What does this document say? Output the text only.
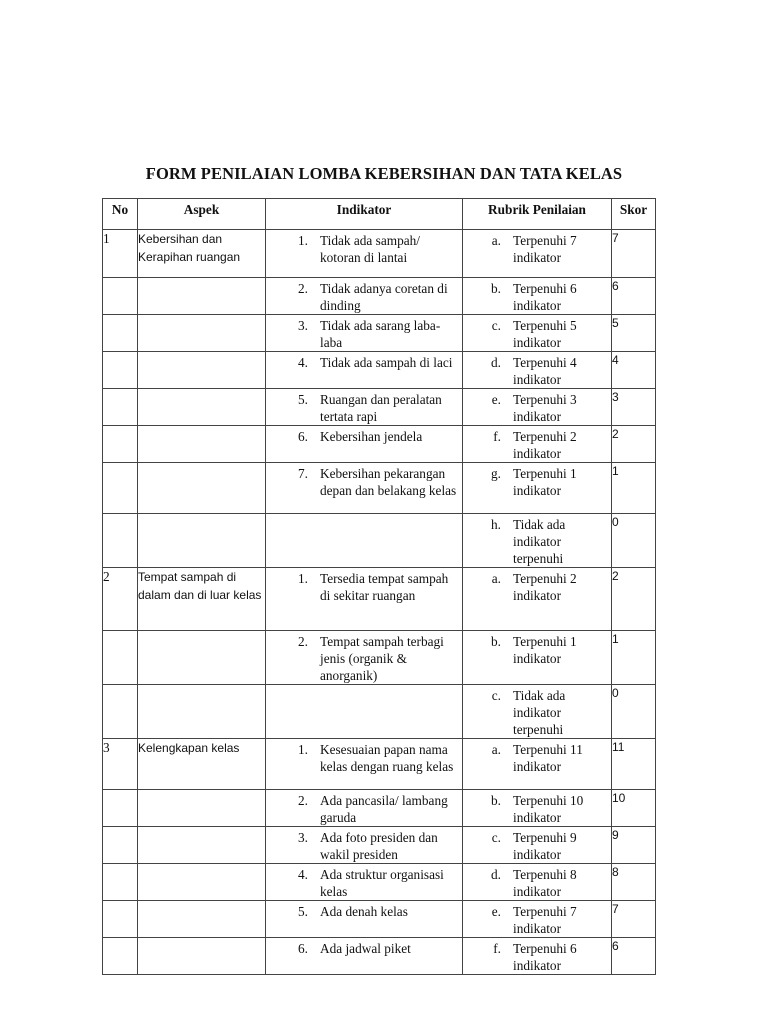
FORM PENILAIAN LOMBA KEBERSIHAN DAN TATA KELAS
No	Aspek	Indikator	Rubrik Penilaian	Skor
1	Kebersihan dan Kerapihan ruangan	1. Tidak ada sampah/ kotoran di lantai	a. Terpenuhi 7 indikator	7

		2. Tidak adanya coretan di dinding	b. Terpenuhi 6 indikator	6

		3. Tidak ada sarang laba-laba	c. Terpenuhi 5 indikator	5

		4. Tidak ada sampah di laci	d. Terpenuhi 4 indikator	4

		5. Ruangan dan peralatan tertata rapi	e. Terpenuhi 3 indikator	3

		6. Kebersihan jendela	f. Terpenuhi 2 indikator	2

		7. Kebersihan pekarangan depan dan belakang kelas	g. Terpenuhi 1 indikator	1

			h. Tidak ada indikator terpenuhi	0
2	Tempat sampah di dalam dan di luar kelas	1. Tersedia tempat sampah di sekitar ruangan	a. Terpenuhi 2 indikator	2

		2. Tempat sampah terbagi jenis (organik & anorganik)	b. Terpenuhi 1 indikator	1

			c. Tidak ada indikator terpenuhi	0
3	Kelengkapan kelas	1. Kesesuaian papan nama kelas dengan ruang kelas	a. Terpenuhi 11 indikator	11

		2. Ada pancasila/ lambang garuda	b. Terpenuhi 10 indikator	10

		3. Ada foto presiden dan wakil presiden	c. Terpenuhi 9 indikator	9

		4. Ada struktur organisasi kelas	d. Terpenuhi 8 indikator	8

		5. Ada denah kelas	e. Terpenuhi 7 indikator	7

		6. Ada jadwal piket	f. Terpenuhi 6 indikator	6
